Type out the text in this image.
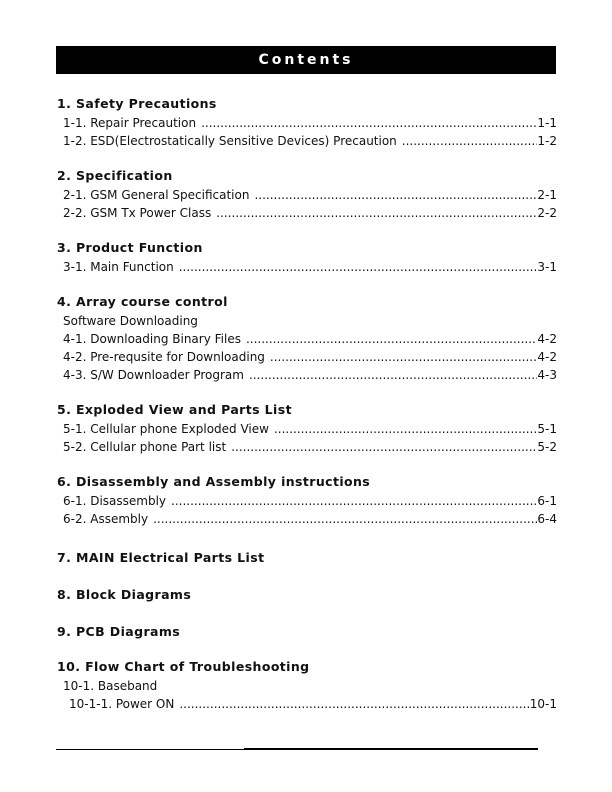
Contents
1. Safety Precautions
1-1. Repair Precaution .....	1-1
1-2. ESD(Electrostatically Sensitive Devices) Precaution .....	1-2
2. Specification
2-1. GSM General Specification .....	2-1
2-2. GSM Tx Power Class .....	2-2
3. Product Function
3-1. Main Function .....	3-1
4. Array course control
Software Downloading
4-1. Downloading Binary Files .....	4-2
4-2. Pre-requsite for Downloading .....	4-2
4-3. S/W Downloader Program .....	4-3
5. Exploded View and Parts List
5-1. Cellular phone Exploded View .....	5-1
5-2. Cellular phone Part list .....	5-2
6. Disassembly and Assembly instructions
6-1. Disassembly .....	6-1
6-2. Assembly .....	6-4
7. MAIN Electrical Parts List
8. Block Diagrams
9. PCB Diagrams
10. Flow Chart of Troubleshooting
10-1. Baseband
10-1-1. Power ON .....	10-1
